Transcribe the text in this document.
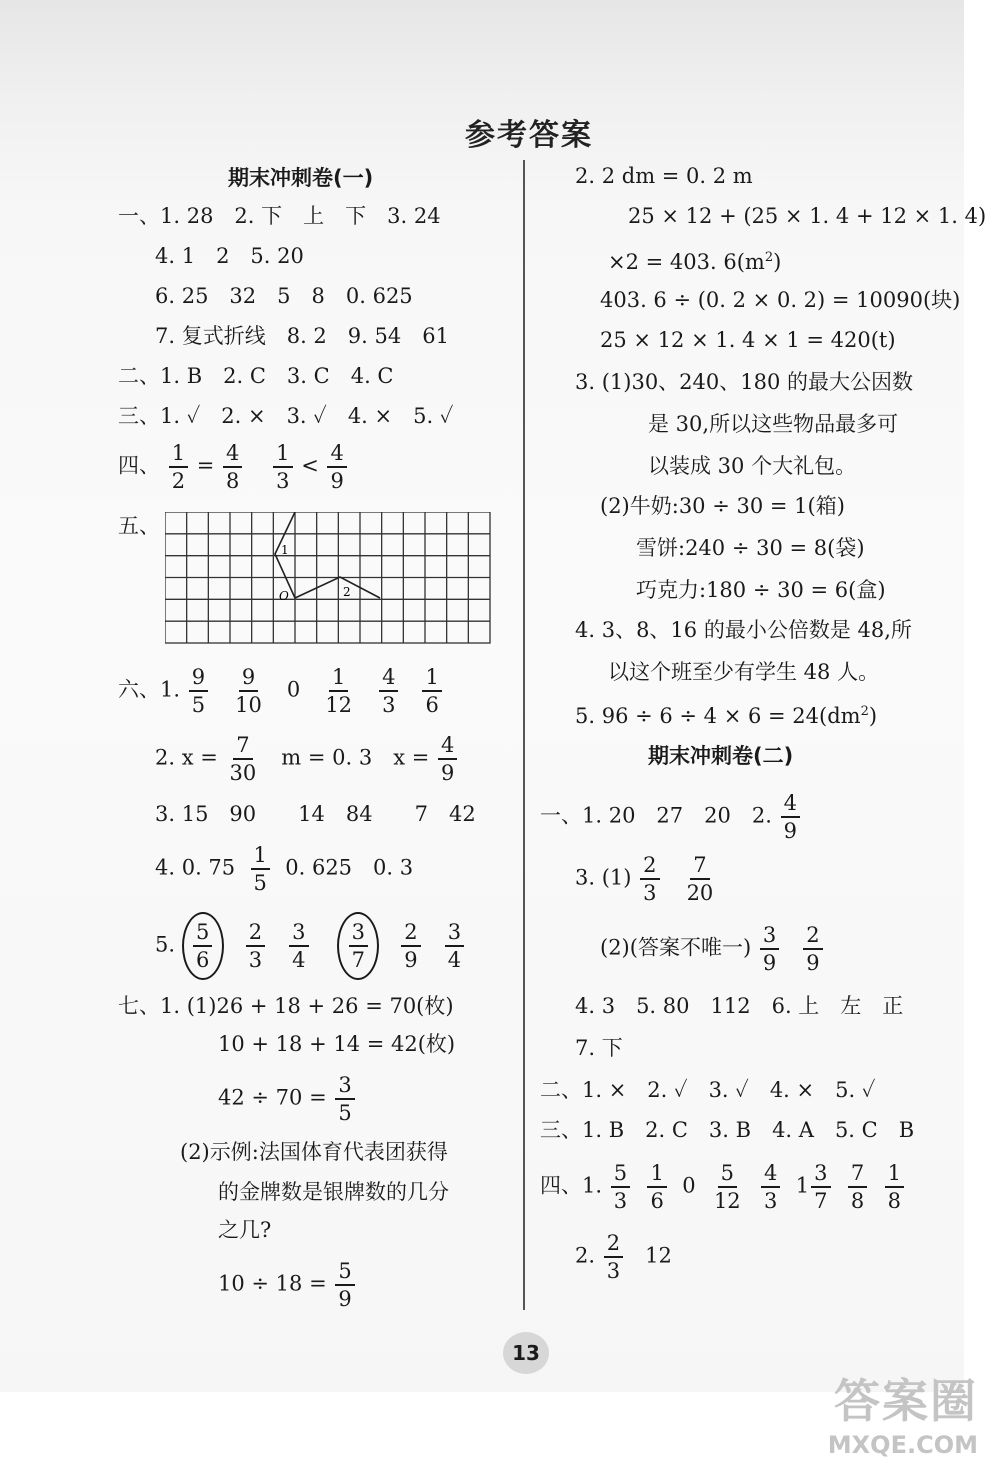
参考答案
期末冲刺卷(一)
一、1. 28　2. 下　上　下　3. 24
4. 1　2　5. 20
6. 25　32　5　8　0. 625
7. 复式折线　8. 2　9. 54　61
二、1. B　2. C　3. C　4. C
三、1. ✓　2. ×　3. ✓　4. ×　5. ✓
四、 $\frac{1}{2} = \frac{4}{8}$
$\frac{1}{3} < \frac{4}{9}$
五、
1
O	2
六、1. $\frac{9}{5}$
$\frac{9}{10} 0 \frac{1}{12}$
$\frac{4}{3}$
$\frac{1}{6}$
2. $x = \frac{7}{30}$ m = 0. 3　$x = \frac{4}{9}$
3. 15　90　　14　84　　7　42
4. 0. $75 \frac{1}{5} 0$. 625　0. 3
5. $\frac{5}{6}$
$\frac{2}{3}$
$\frac{3}{4}$
$\frac{3}{7}$
$\frac{2}{9}$
$\frac{3}{4}$
七、1. (1)26 + 18 + 26 = 70(枚)
10 + 18 + 14 = 42(枚)
$42 \div 70 = \frac{3}{5}$
(2)示例:法国体育代表团获得
的金牌数是银牌数的几分
之几?
$10 \div 18 = \frac{5}{9}$
2. 2 dm = 0. 2 m
25 × 12 + (25 × 1. 4 + 12 × 1. 4)
×2 = 403. $6(m^2)$
403. 6 ÷ (0. 2 × 0. 2) = 10090(块)
25 × 12 × 1. 4 × 1 = 420(t)
3. (1)30、240、180 的最大公因数
是 30,所以这些物品最多可
以装成 30 个大礼包。
(2)牛奶:30 ÷ 30 = 1(箱)
雪饼:240 ÷ 30 = 8(袋)
巧克力:180 ÷ 30 = 6(盒)
4. 3、8、16 的最小公倍数是 48,所
以这个班至少有学生 48 人。
5. $96 \div 6 \div 4 \times 6 = 24(dm^2)$
期末冲刺卷(二)
一、1. 20　27　20　2. $\frac{4}{9}$
3. $(1) \frac{2}{3}$
$\frac{7}{20}$
(2)(答案不唯一) $\frac{3}{9}$
$\frac{2}{9}$
4. 3　5. 80　112　6. 上　左　正
7. 下
二、1. ×　2. ✓　3. ✓　4. ×　5. ✓
三、1. B　2. C　3. B　4. A　5. C　B
四、1. $\frac{5}{3}$
$\frac{1}{6} 0 \frac{5}{12}$
$\frac{4}{3} 1 \frac{3}{7}$
$\frac{7}{8}$
$\frac{1}{8}$
2. $\frac{2}{3} 12$
13
答案圈
MXQE.COM
